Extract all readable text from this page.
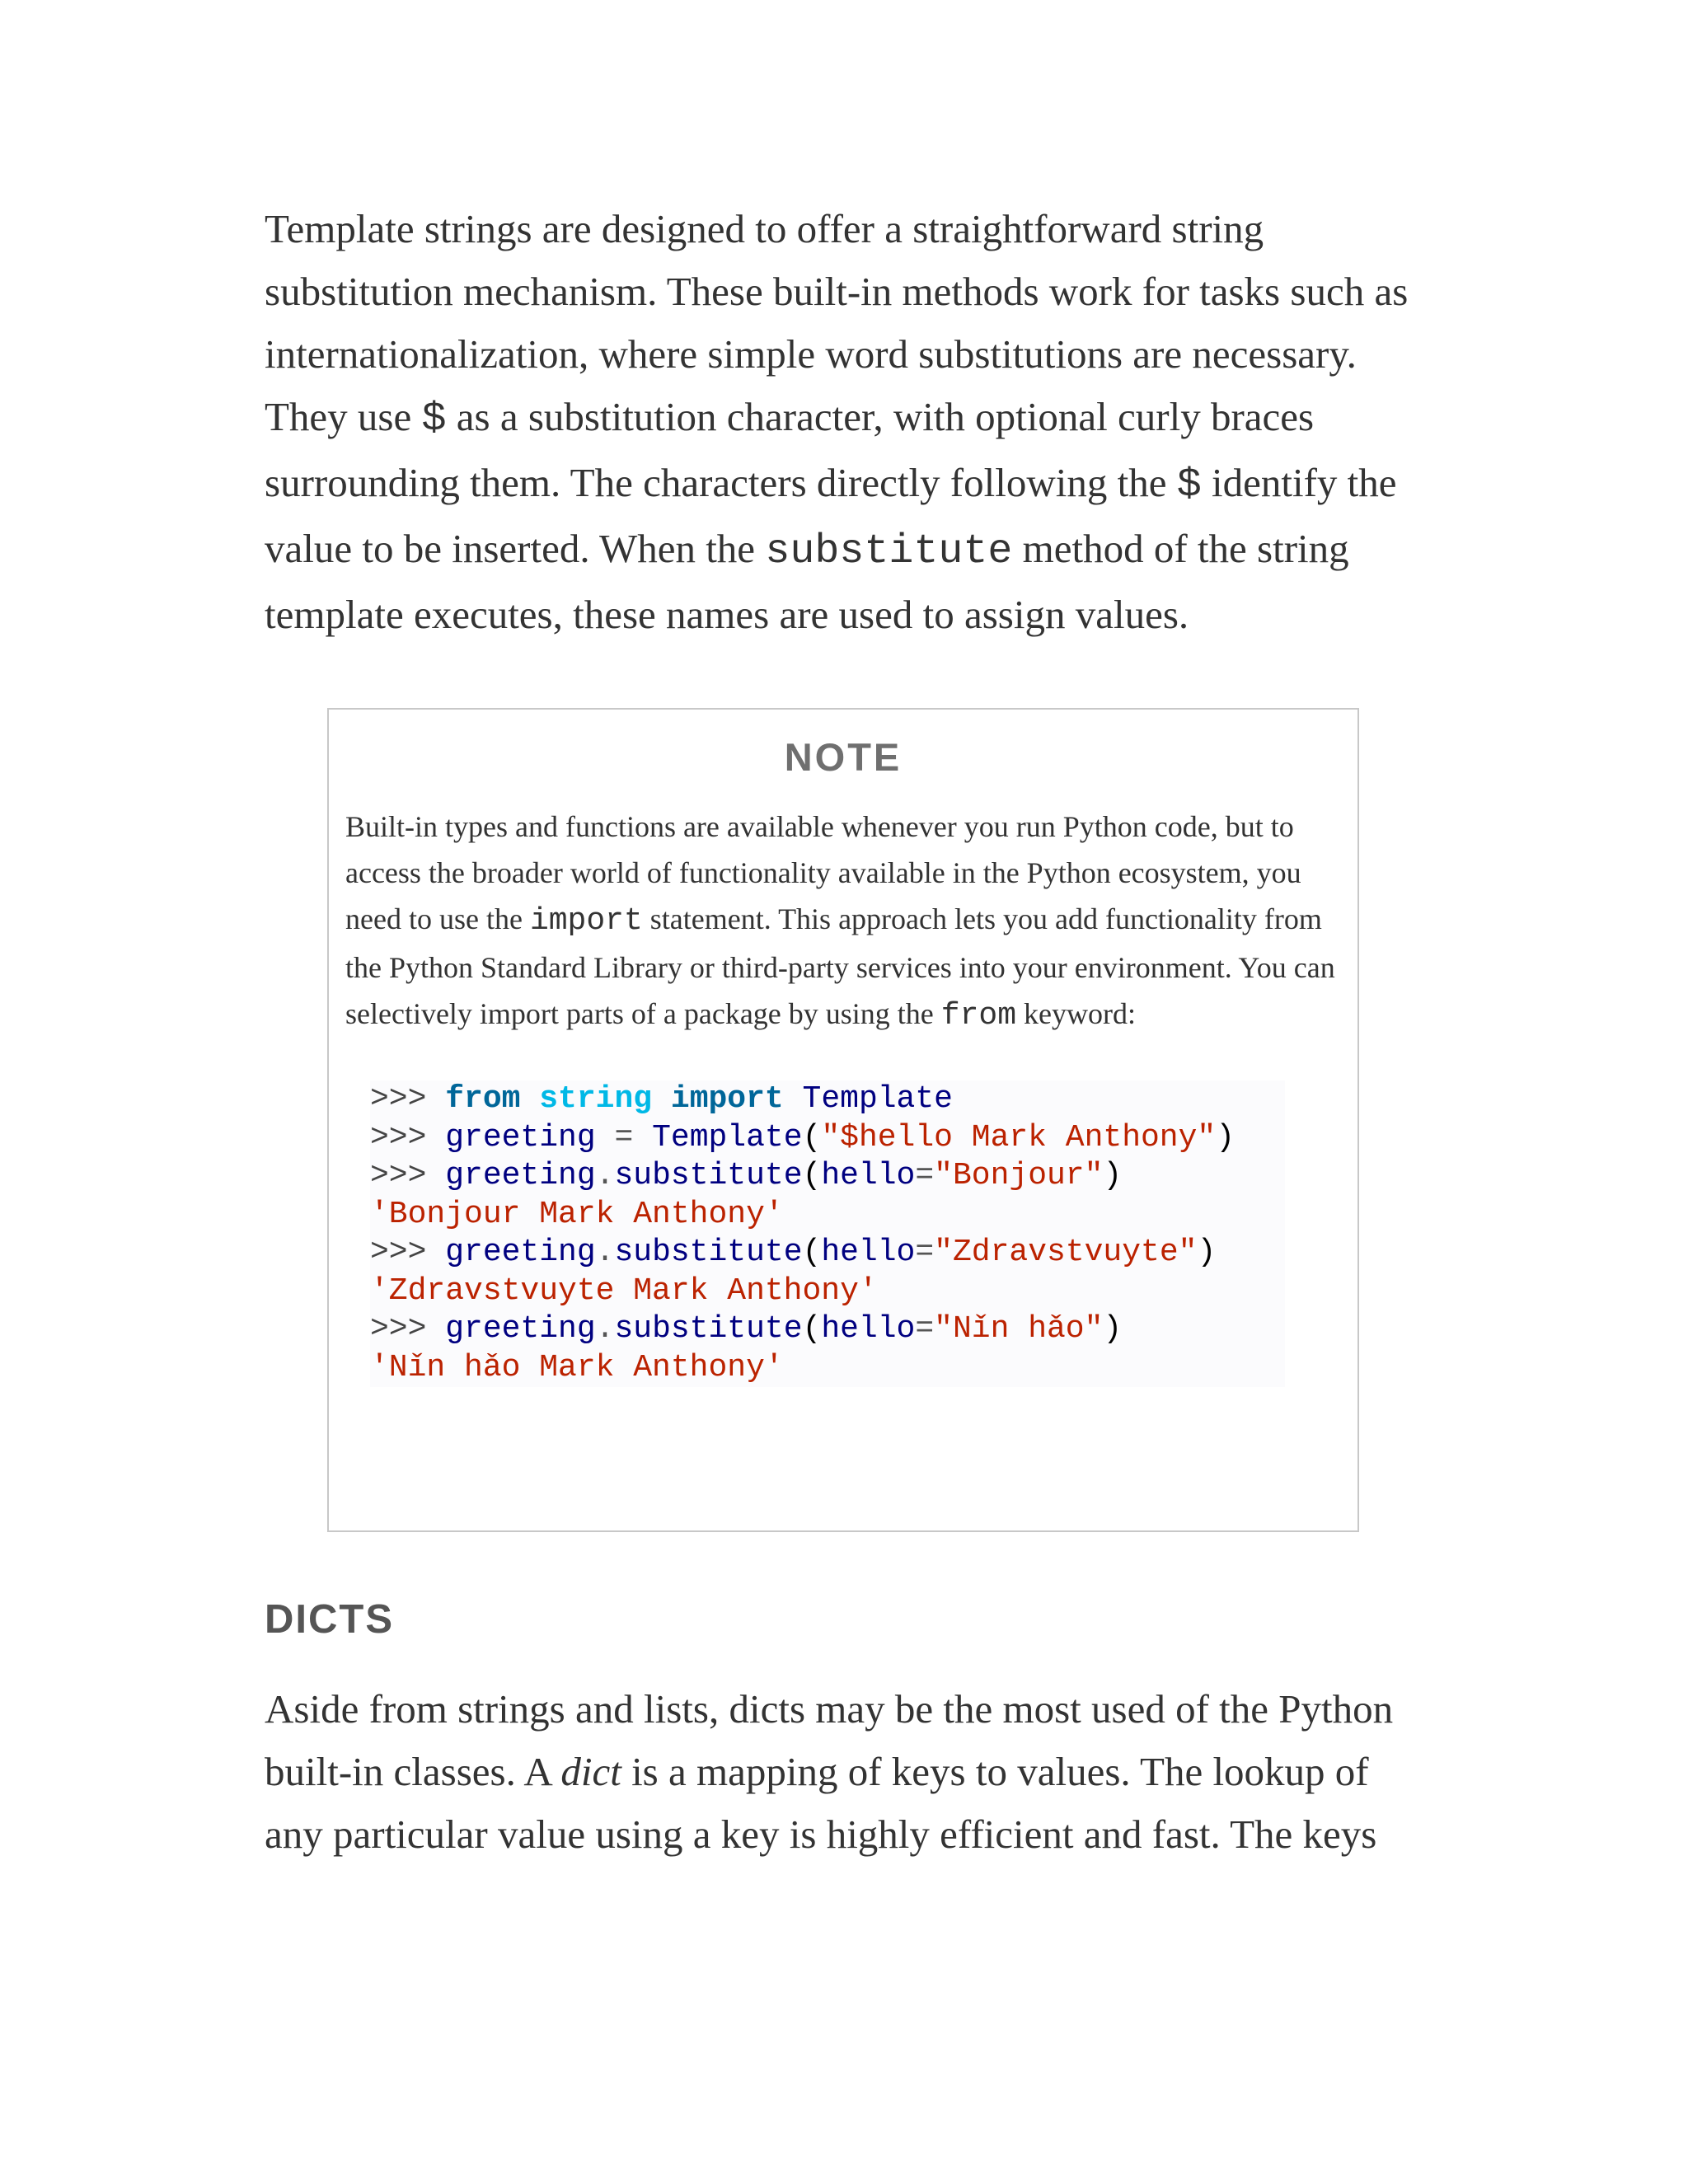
Template strings are designed to offer a straightforward string substitution mechanism. These built-in methods work for tasks such as internationalization, where simple word substitutions are necessary. They use $ as a substitution character, with optional curly braces surrounding them. The characters directly following the $ identify the value to be inserted. When the substitute method of the string template executes, these names are used to assign values.

NOTE

Built-in types and functions are available whenever you run Python code, but to access the broader world of functionality available in the Python ecosystem, you need to use the import statement. This approach lets you add functionality from the Python Standard Library or third-party services into your environment. You can selectively import parts of a package by using the from keyword:

>>> from string import Template
>>> greeting = Template("$hello Mark Anthony")
>>> greeting.substitute(hello="Bonjour")
'Bonjour Mark Anthony'
>>> greeting.substitute(hello="Zdravstvuyte")
'Zdravstvuyte Mark Anthony'
>>> greeting.substitute(hello="Nǐn hǎo")
'Nǐn hǎo Mark Anthony'
DICTS

Aside from strings and lists, dicts may be the most used of the Python built-in classes. A dict is a mapping of keys to values. The lookup of any particular value using a key is highly efficient and fast. The keys
